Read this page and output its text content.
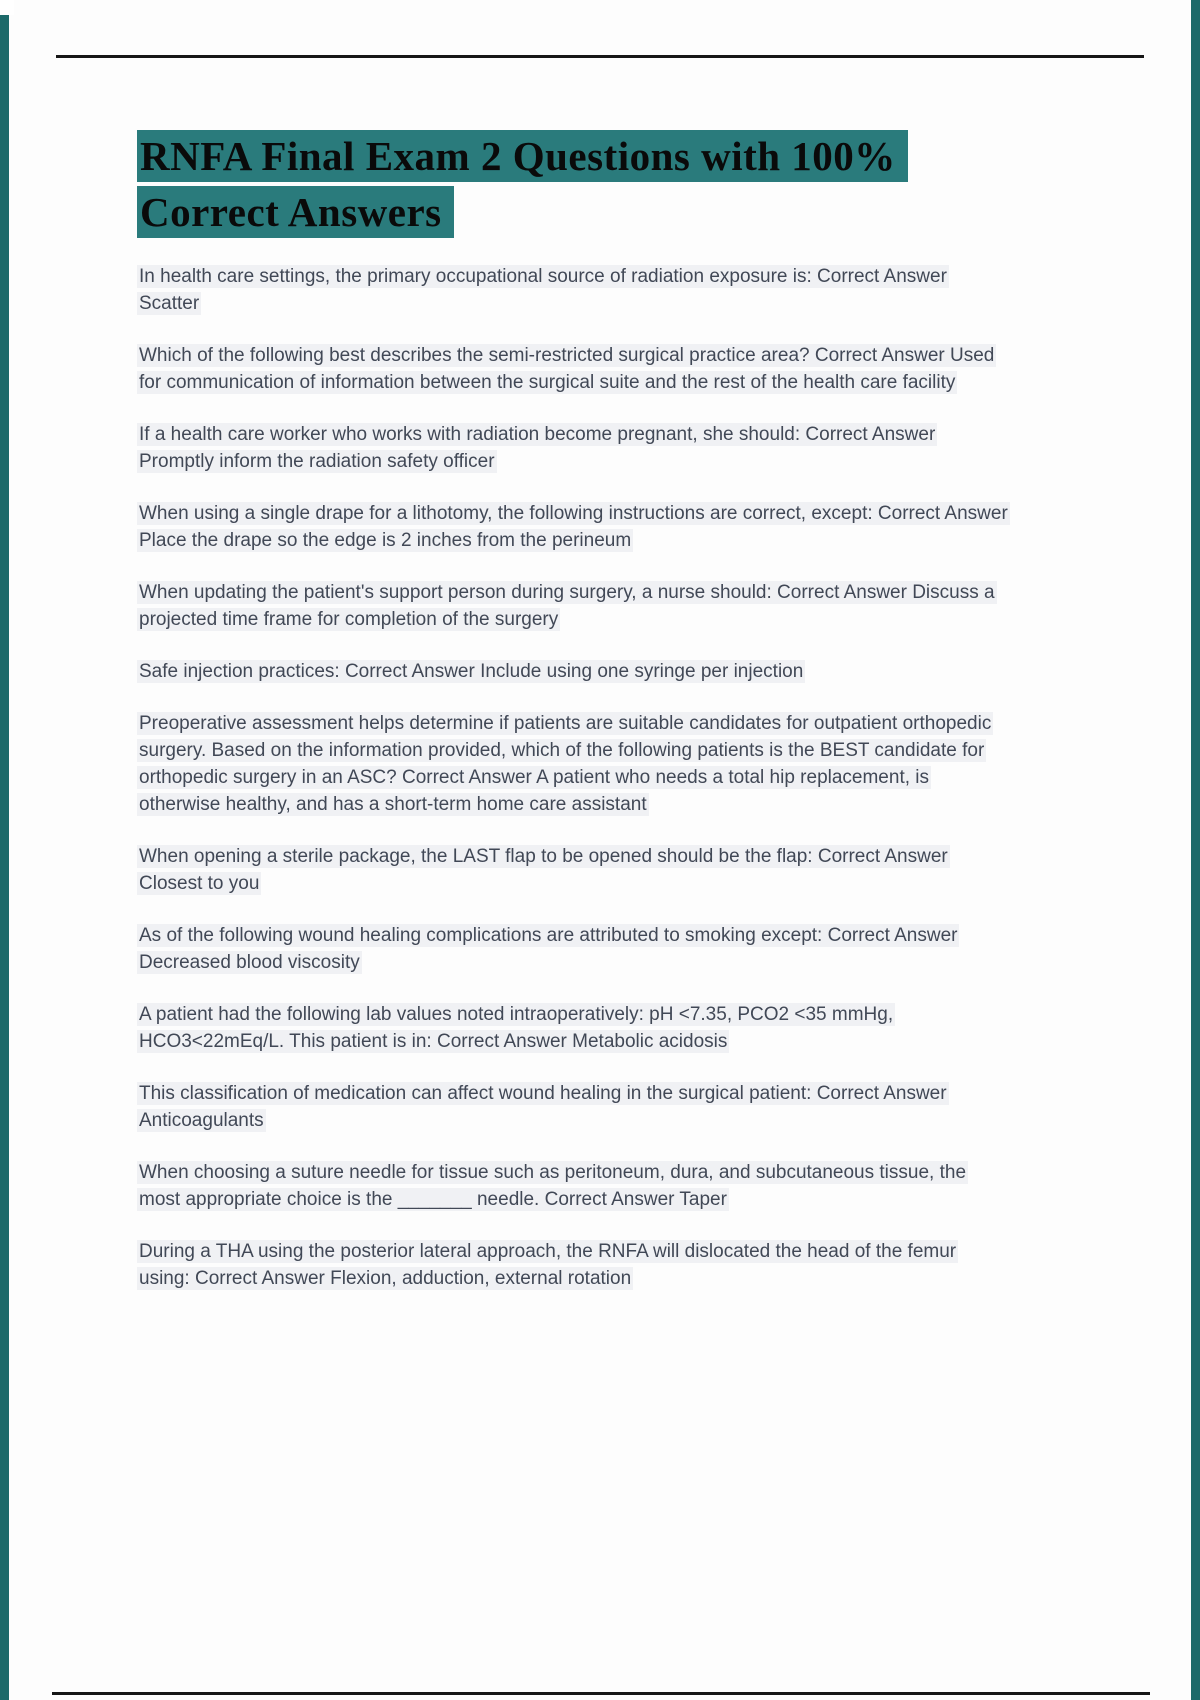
RNFA Final Exam 2 Questions with 100% Correct Answers

In health care settings, the primary occupational source of radiation exposure is: Correct Answer Scatter

Which of the following best describes the semi-restricted surgical practice area? Correct Answer Used for communication of information between the surgical suite and the rest of the health care facility

If a health care worker who works with radiation become pregnant, she should: Correct Answer Promptly inform the radiation safety officer

When using a single drape for a lithotomy, the following instructions are correct, except: Correct Answer Place the drape so the edge is 2 inches from the perineum

When updating the patient's support person during surgery, a nurse should: Correct Answer Discuss a projected time frame for completion of the surgery

Safe injection practices: Correct Answer Include using one syringe per injection

Preoperative assessment helps determine if patients are suitable candidates for outpatient orthopedic surgery. Based on the information provided, which of the following patients is the BEST candidate for orthopedic surgery in an ASC? Correct Answer A patient who needs a total hip replacement, is otherwise healthy, and has a short-term home care assistant

When opening a sterile package, the LAST flap to be opened should be the flap: Correct Answer Closest to you

As of the following wound healing complications are attributed to smoking except: Correct Answer Decreased blood viscosity

A patient had the following lab values noted intraoperatively: pH <7.35, PCO2 <35 mmHg, HCO3<22mEq/L. This patient is in: Correct Answer Metabolic acidosis

This classification of medication can affect wound healing in the surgical patient: Correct Answer Anticoagulants

When choosing a suture needle for tissue such as peritoneum, dura, and subcutaneous tissue, the most appropriate choice is the _______ needle. Correct Answer Taper

During a THA using the posterior lateral approach, the RNFA will dislocated the head of the femur using: Correct Answer Flexion, adduction, external rotation
